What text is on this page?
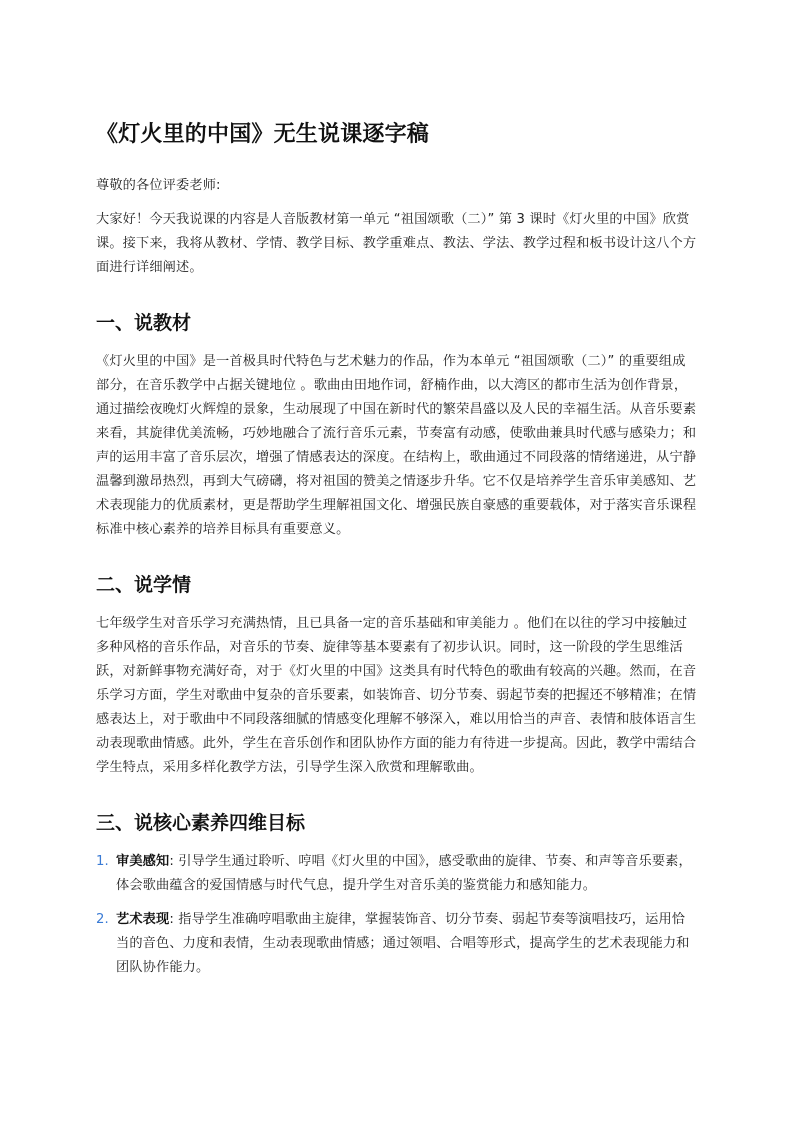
《灯火里的中国》无生说课逐字稿

尊敬的各位评委老师:

大家好！今天我说课的内容是人音版教材第一单元 “祖国颂歌（二）” 第 3 课时《灯火里的中国》欣赏课。接下来，我将从教材、学情、教学目标、教学重难点、教法、学法、教学过程和板书设计这八个方面进行详细阐述。

一、说教材

《灯火里的中国》是一首极具时代特色与艺术魅力的作品，作为本单元 “祖国颂歌（二）” 的重要组成部分，在音乐教学中占据关键地位 。歌曲由田地作词，舒楠作曲，以大湾区的都市生活为创作背景，通过描绘夜晚灯火辉煌的景象，生动展现了中国在新时代的繁荣昌盛以及人民的幸福生活。从音乐要素来看，其旋律优美流畅，巧妙地融合了流行音乐元素，节奏富有动感，使歌曲兼具时代感与感染力；和声的运用丰富了音乐层次，增强了情感表达的深度。在结构上，歌曲通过不同段落的情绪递进，从宁静温馨到激昂热烈，再到大气磅礴，将对祖国的赞美之情逐步升华。它不仅是培养学生音乐审美感知、艺术表现能力的优质素材，更是帮助学生理解祖国文化、增强民族自豪感的重要载体，对于落实音乐课程标准中核心素养的培养目标具有重要意义。

二、说学情

七年级学生对音乐学习充满热情，且已具备一定的音乐基础和审美能力 。他们在以往的学习中接触过多种风格的音乐作品，对音乐的节奏、旋律等基本要素有了初步认识。同时，这一阶段的学生思维活跃，对新鲜事物充满好奇，对于《灯火里的中国》这类具有时代特色的歌曲有较高的兴趣。然而，在音乐学习方面，学生对歌曲中复杂的音乐要素，如装饰音、切分节奏、弱起节奏的把握还不够精准；在情感表达上，对于歌曲中不同段落细腻的情感变化理解不够深入，难以用恰当的声音、表情和肢体语言生动表现歌曲情感。此外，学生在音乐创作和团队协作方面的能力有待进一步提高。因此，教学中需结合学生特点，采用多样化教学方法，引导学生深入欣赏和理解歌曲。

三、说核心素养四维目标
1. 审美感知: 引导学生通过聆听、哼唱《灯火里的中国》，感受歌曲的旋律、节奏、和声等音乐要素，体会歌曲蕴含的爱国情感与时代气息，提升学生对音乐美的鉴赏能力和感知能力。
2. 艺术表现: 指导学生准确哼唱歌曲主旋律，掌握装饰音、切分节奏、弱起节奏等演唱技巧，运用恰当的音色、力度和表情，生动表现歌曲情感；通过领唱、合唱等形式，提高学生的艺术表现能力和团队协作能力。
